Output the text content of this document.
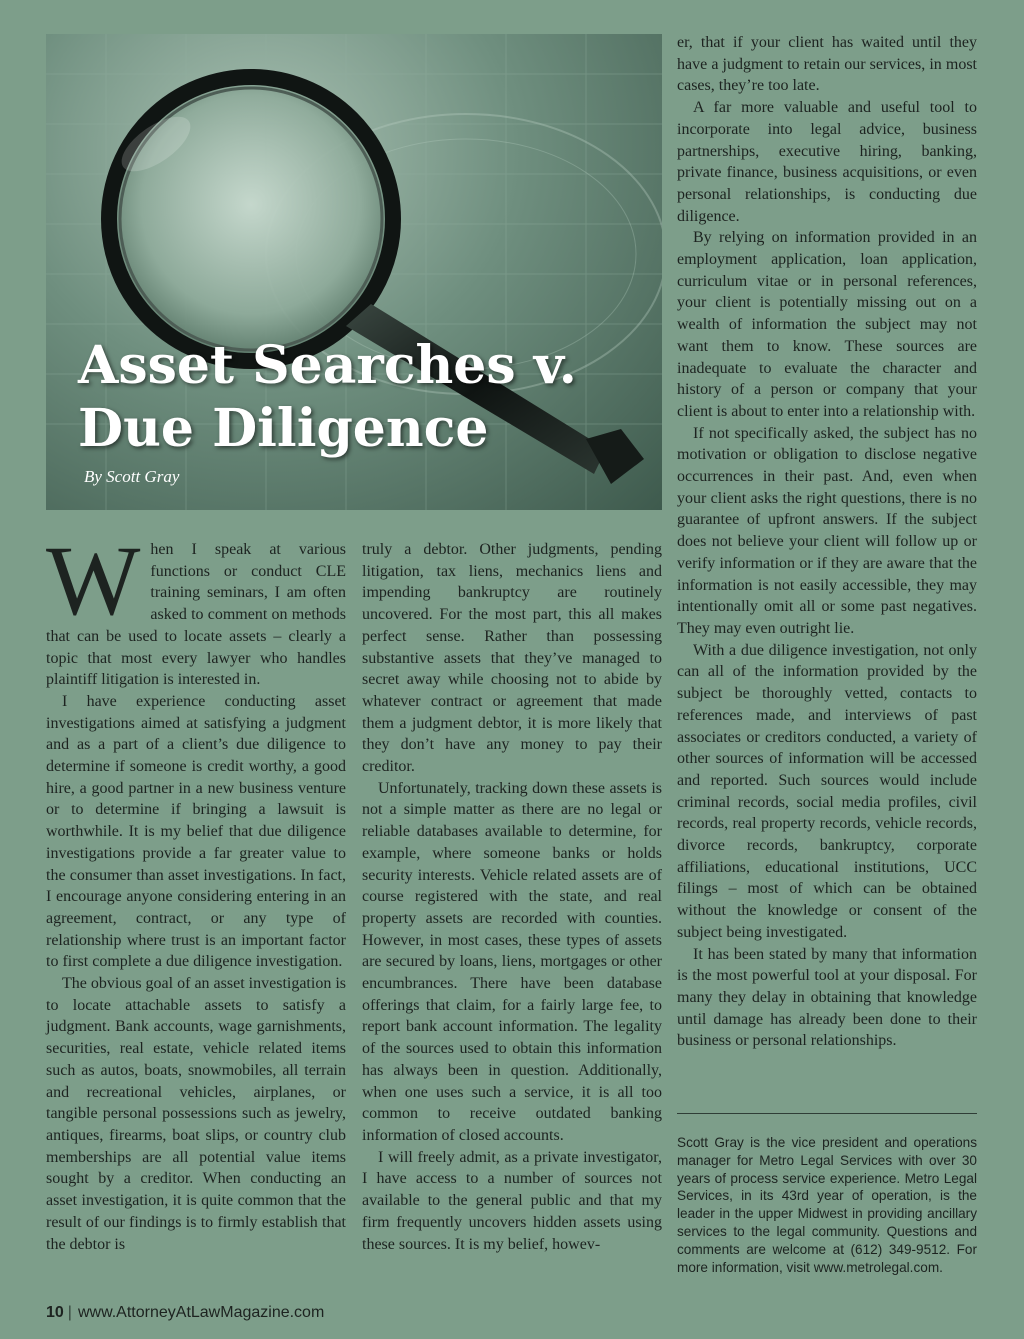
Asset Searches v.
Due Diligence
By Scott Gray

When I speak at various functions or conduct CLE training seminars, I am often asked to comment on methods that can be used to locate assets – clearly a topic that most every lawyer who handles plaintiff litigation is interested in.

I have experience conducting asset investigations aimed at satisfying a judgment and as a part of a client’s due diligence to determine if someone is credit worthy, a good hire, a good partner in a new business venture or to determine if bringing a lawsuit is worthwhile. It is my belief that due diligence investigations provide a far greater value to the consumer than asset investigations. In fact, I encourage anyone considering entering in an agreement, contract, or any type of relationship where trust is an important factor to first complete a due diligence investigation.

The obvious goal of an asset investigation is to locate attachable assets to satisfy a judgment. Bank accounts, wage garnishments, securities, real estate, vehicle related items such as autos, boats, snowmobiles, all terrain and recreational vehicles, airplanes, or tangible personal possessions such as jewelry, antiques, firearms, boat slips, or country club memberships are all potential value items sought by a creditor. When conducting an asset investigation, it is quite common that the result of our findings is to firmly establish that the debtor is

truly a debtor. Other judgments, pending litigation, tax liens, mechanics liens and impending bankruptcy are routinely uncovered. For the most part, this all makes perfect sense. Rather than possessing substantive assets that they’ve managed to secret away while choosing not to abide by whatever contract or agreement that made them a judgment debtor, it is more likely that they don’t have any money to pay their creditor.

Unfortunately, tracking down these assets is not a simple matter as there are no legal or reliable databases available to determine, for example, where someone banks or holds security interests. Vehicle related assets are of course registered with the state, and real property assets are recorded with counties. However, in most cases, these types of assets are secured by loans, liens, mortgages or other encumbrances. There have been database offerings that claim, for a fairly large fee, to report bank account information. The legality of the sources used to obtain this information has always been in question. Additionally, when one uses such a service, it is all too common to receive outdated banking information of closed accounts.

I will freely admit, as a private investigator, I have access to a number of sources not available to the general public and that my firm frequently uncovers hidden assets using these sources. It is my belief, howev-

er, that if your client has waited until they have a judgment to retain our services, in most cases, they’re too late.

A far more valuable and useful tool to incorporate into legal advice, business partnerships, executive hiring, banking, private finance, business acquisitions, or even personal relationships, is conducting due diligence.

By relying on information provided in an employment application, loan application, curriculum vitae or in personal references, your client is potentially missing out on a wealth of information the subject may not want them to know. These sources are inadequate to evaluate the character and history of a person or company that your client is about to enter into a relationship with.

If not specifically asked, the subject has no motivation or obligation to disclose negative occurrences in their past. And, even when your client asks the right questions, there is no guarantee of upfront answers. If the subject does not believe your client will follow up or verify information or if they are aware that the information is not easily accessible, they may intentionally omit all or some past negatives. They may even outright lie.

With a due diligence investigation, not only can all of the information provided by the subject be thoroughly vetted, contacts to references made, and interviews of past associates or creditors conducted, a variety of other sources of information will be accessed and reported. Such sources would include criminal records, social media profiles, civil records, real property records, vehicle records, divorce records, bankruptcy, corporate affiliations, educational institutions, UCC filings – most of which can be obtained without the knowledge or consent of the subject being investigated.

It has been stated by many that information is the most powerful tool at your disposal. For many they delay in obtaining that knowledge until damage has already been done to their business or personal relationships.

Scott Gray is the vice president and operations manager for Metro Legal Services with over 30 years of process service experience. Metro Legal Services, in its 43rd year of operation, is the leader in the upper Midwest in providing ancillary services to the legal community. Questions and comments are welcome at (612) 349-9512. For more information, visit www.metrolegal.com.

10 | www.AttorneyAtLawMagazine.com
